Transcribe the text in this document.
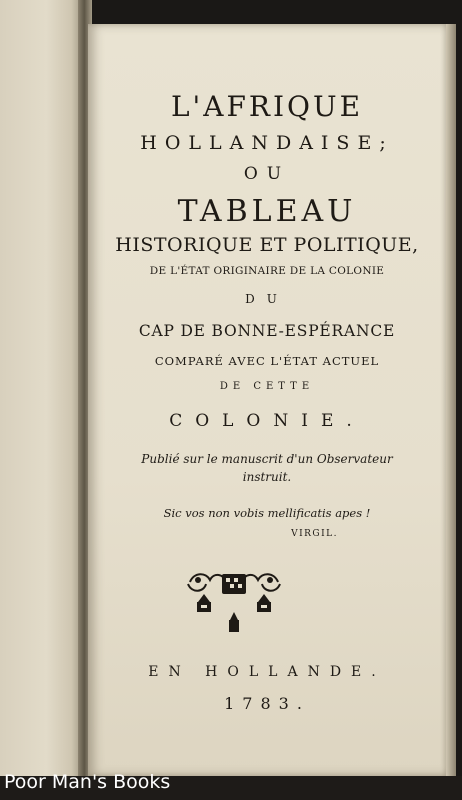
L'AFRIQUE
HOLLANDAISE;
OU
TABLEAU
HISTORIQUE ET POLITIQUE,
DE L'ÉTAT ORIGINAIRE DE LA COLONIE
DU
CAP DE BONNE-ESPÉRANCE
COMPARÉ AVEC L'ÉTAT ACTUEL
DE CETTE
COLONIE.
Publié sur le manuscrit d'un Observateur
instruit.
Sic vos non vobis mellificatis apes !
VIRGIL.
EN HOLLANDE.
1783.
Poor Man's Books
